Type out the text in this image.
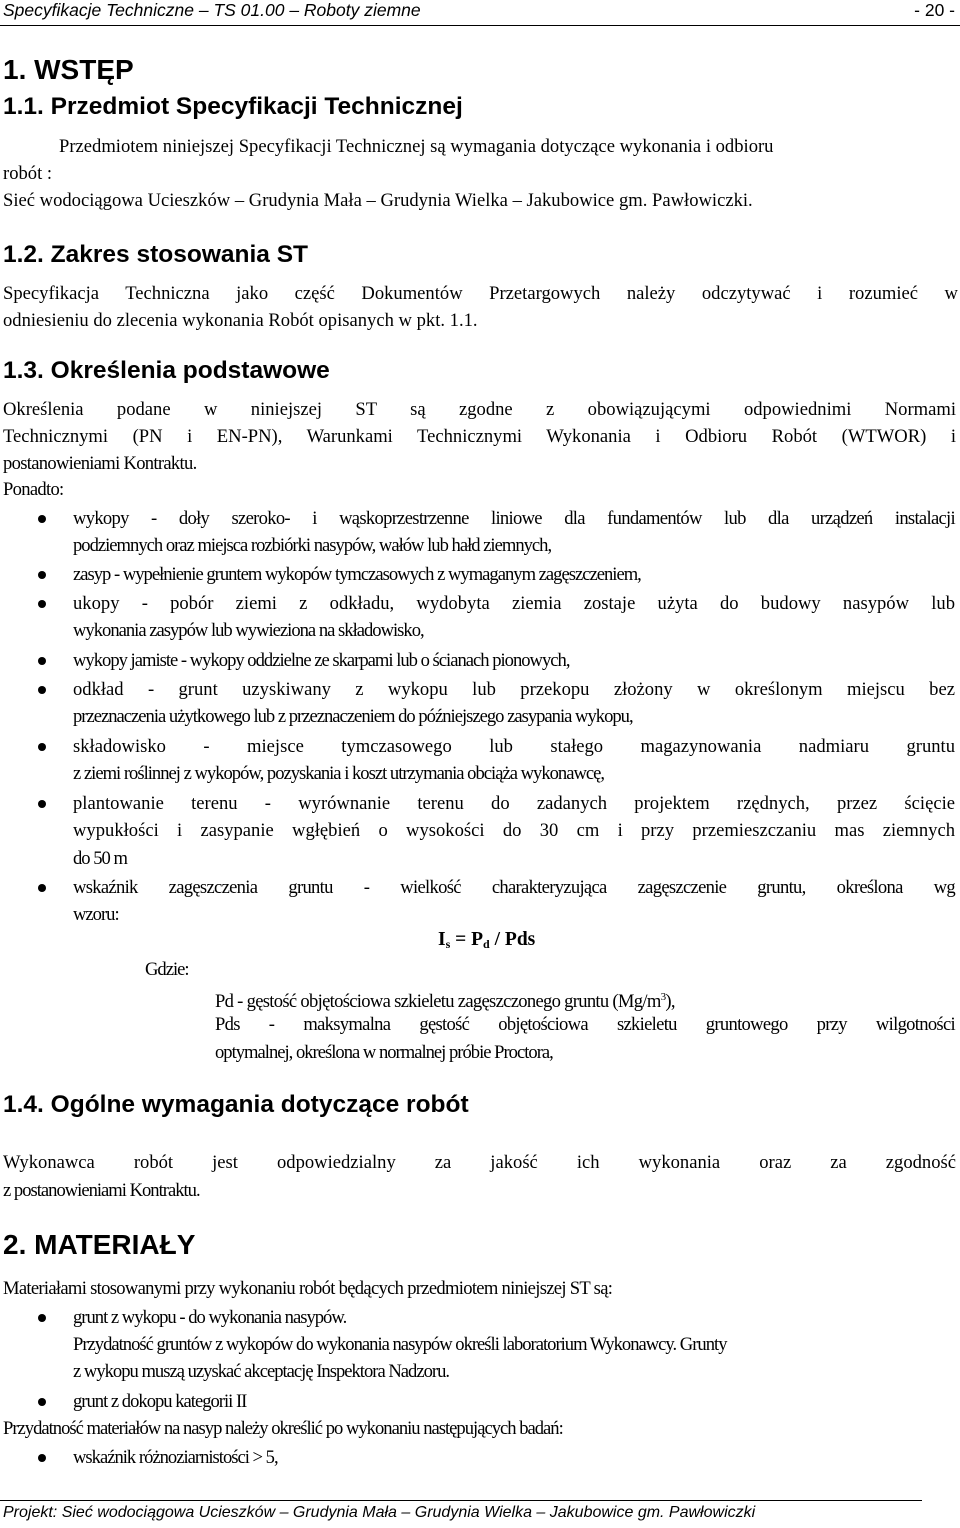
Specyfikacje Techniczne – TS 01.00 – Roboty ziemne	- 20 -
1. WSTĘP
1.1. Przedmiot Specyfikacji Technicznej
Przedmiotem niniejszej Specyfikacji Technicznej są wymagania dotyczące wykonania i odbioru
robót :
Sieć wodociągowa Ucieszków – Grudynia Mała – Grudynia Wielka – Jakubowice gm. Pawłowiczki.
1.2. Zakres stosowania ST
Specyfikacja Techniczna jako część Dokumentów Przetargowych należy odczytywać i rozumieć w
odniesieniu do zlecenia wykonania Robót opisanych w pkt. 1.1.
1.3. Określenia podstawowe
Określenia podane w niniejszej ST są zgodne z obowiązującymi odpowiednimi Normami
Technicznymi (PN i EN-PN), Warunkami Technicznymi Wykonania i Odbioru Robót (WTWOR) i
postanowieniami Kontraktu.
Ponadto:
wykopy - doły szeroko- i wąskoprzestrzenne liniowe dla fundamentów lub dla urządzeń instalacji
podziemnych oraz miejsca rozbiórki nasypów, wałów lub hałd ziemnych,
zasyp - wypełnienie gruntem wykopów tymczasowych z wymaganym zagęszczeniem,
ukopy - pobór ziemi z odkładu, wydobyta ziemia zostaje użyta do budowy nasypów lub
wykonania zasypów lub wywieziona na składowisko,
wykopy jamiste - wykopy oddzielne ze skarpami lub o ścianach pionowych,
odkład - grunt uzyskiwany z wykopu lub przekopu złożony w określonym miejscu bez
przeznaczenia użytkowego lub z przeznaczeniem do późniejszego zasypania wykopu,
składowisko - miejsce tymczasowego lub stałego magazynowania nadmiaru gruntu
z ziemi roślinnej z wykopów, pozyskania i koszt utrzymania obciąża wykonawcę,
plantowanie terenu - wyrównanie terenu do zadanych projektem rzędnych, przez ścięcie
wypukłości i zasypanie wgłębień o wysokości do 30 cm i przy przemieszczaniu mas ziemnych
do 50 m
wskaźnik zagęszczenia gruntu - wielkość charakteryzująca zagęszczenie gruntu, określona wg
wzoru:
$I_s = P_d$ / Pds
Gdzie:
Pd - gęstość objętościowa szkieletu zagęszczonego gruntu $(Mg/m^3)$,
Pds - maksymalna gęstość objętościowa szkieletu gruntowego przy wilgotności
optymalnej, określona w normalnej próbie Proctora,
1.4. Ogólne wymagania dotyczące robót
Wykonawca robót jest odpowiedzialny za jakość ich wykonania oraz za zgodność
z postanowieniami Kontraktu.
2. MATERIAŁY
Materiałami stosowanymi przy wykonaniu robót będących przedmiotem niniejszej ST są:
grunt z wykopu - do wykonania nasypów.
Przydatność gruntów z wykopów do wykonania nasypów określi laboratorium Wykonawcy. Grunty
z wykopu muszą uzyskać akceptację Inspektora Nadzoru.
grunt z dokopu kategorii II
Przydatność materiałów na nasyp należy określić po wykonaniu następujących badań:
wskaźnik różnoziarnistości > 5,
Projekt: Sieć wodociągowa Ucieszków – Grudynia Mała – Grudynia Wielka – Jakubowice gm. Pawłowiczki
